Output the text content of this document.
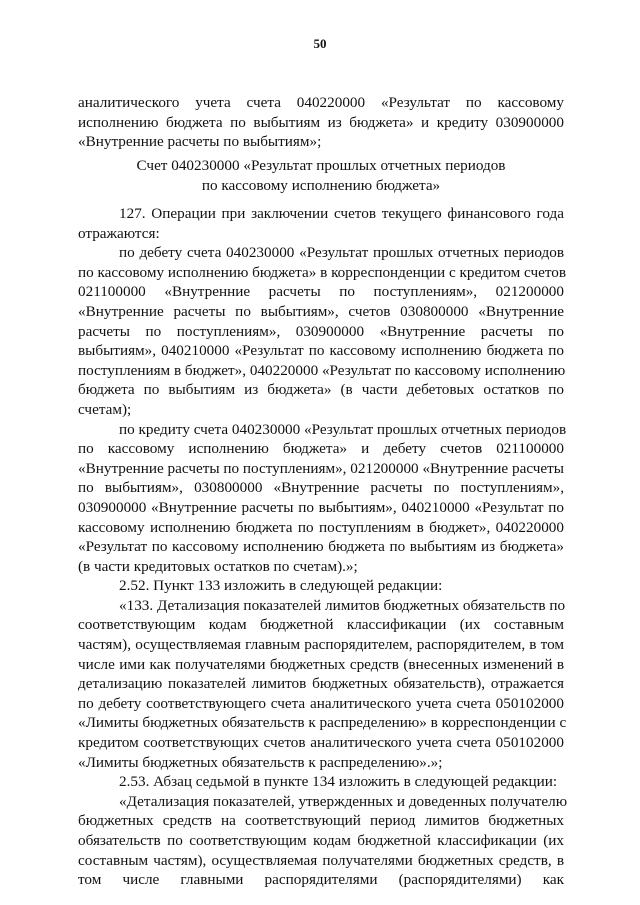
50
аналитического учета счета 040220000 «Результат по кассовому
исполнению бюджета по выбытиям из бюджета» и кредиту 030900000
«Внутренние расчеты по выбытиям»;
Счет 040230000 «Результат прошлых отчетных периодов
по кассовому исполнению бюджета»
127. Операции при заключении счетов текущего финансового года
отражаются:
по дебету счета 040230000 «Результат прошлых отчетных периодов
по кассовому исполнению бюджета» в корреспонденции с кредитом счетов
021100000 «Внутренние расчеты по поступлениям», 021200000
«Внутренние расчеты по выбытиям», счетов 030800000 «Внутренние
расчеты по поступлениям», 030900000 «Внутренние расчеты по
выбытиям», 040210000 «Результат по кассовому исполнению бюджета по
поступлениям в бюджет», 040220000 «Результат по кассовому исполнению
бюджета по выбытиям из бюджета» (в части дебетовых остатков по
счетам);
по кредиту счета 040230000 «Результат прошлых отчетных периодов
по кассовому исполнению бюджета» и дебету счетов 021100000
«Внутренние расчеты по поступлениям», 021200000 «Внутренние расчеты
по выбытиям», 030800000 «Внутренние расчеты по поступлениям»,
030900000 «Внутренние расчеты по выбытиям», 040210000 «Результат по
кассовому исполнению бюджета по поступлениям в бюджет», 040220000
«Результат по кассовому исполнению бюджета по выбытиям из бюджета»
(в части кредитовых остатков по счетам).»;
2.52. Пункт 133 изложить в следующей редакции:
«133. Детализация показателей лимитов бюджетных обязательств по
соответствующим кодам бюджетной классификации (их составным
частям), осуществляемая главным распорядителем, распорядителем, в том
числе ими как получателями бюджетных средств (внесенных изменений в
детализацию показателей лимитов бюджетных обязательств), отражается
по дебету соответствующего счета аналитического учета счета 050102000
«Лимиты бюджетных обязательств к распределению» в корреспонденции с
кредитом соответствующих счетов аналитического учета счета 050102000
«Лимиты бюджетных обязательств к распределению».»;
2.53. Абзац седьмой в пункте 134 изложить в следующей редакции:
«Детализация показателей, утвержденных и доведенных получателю
бюджетных средств на соответствующий период лимитов бюджетных
обязательств по соответствующим кодам бюджетной классификации (их
составным частям), осуществляемая получателями бюджетных средств, в
том числе главными распорядителями (распорядителями) как
